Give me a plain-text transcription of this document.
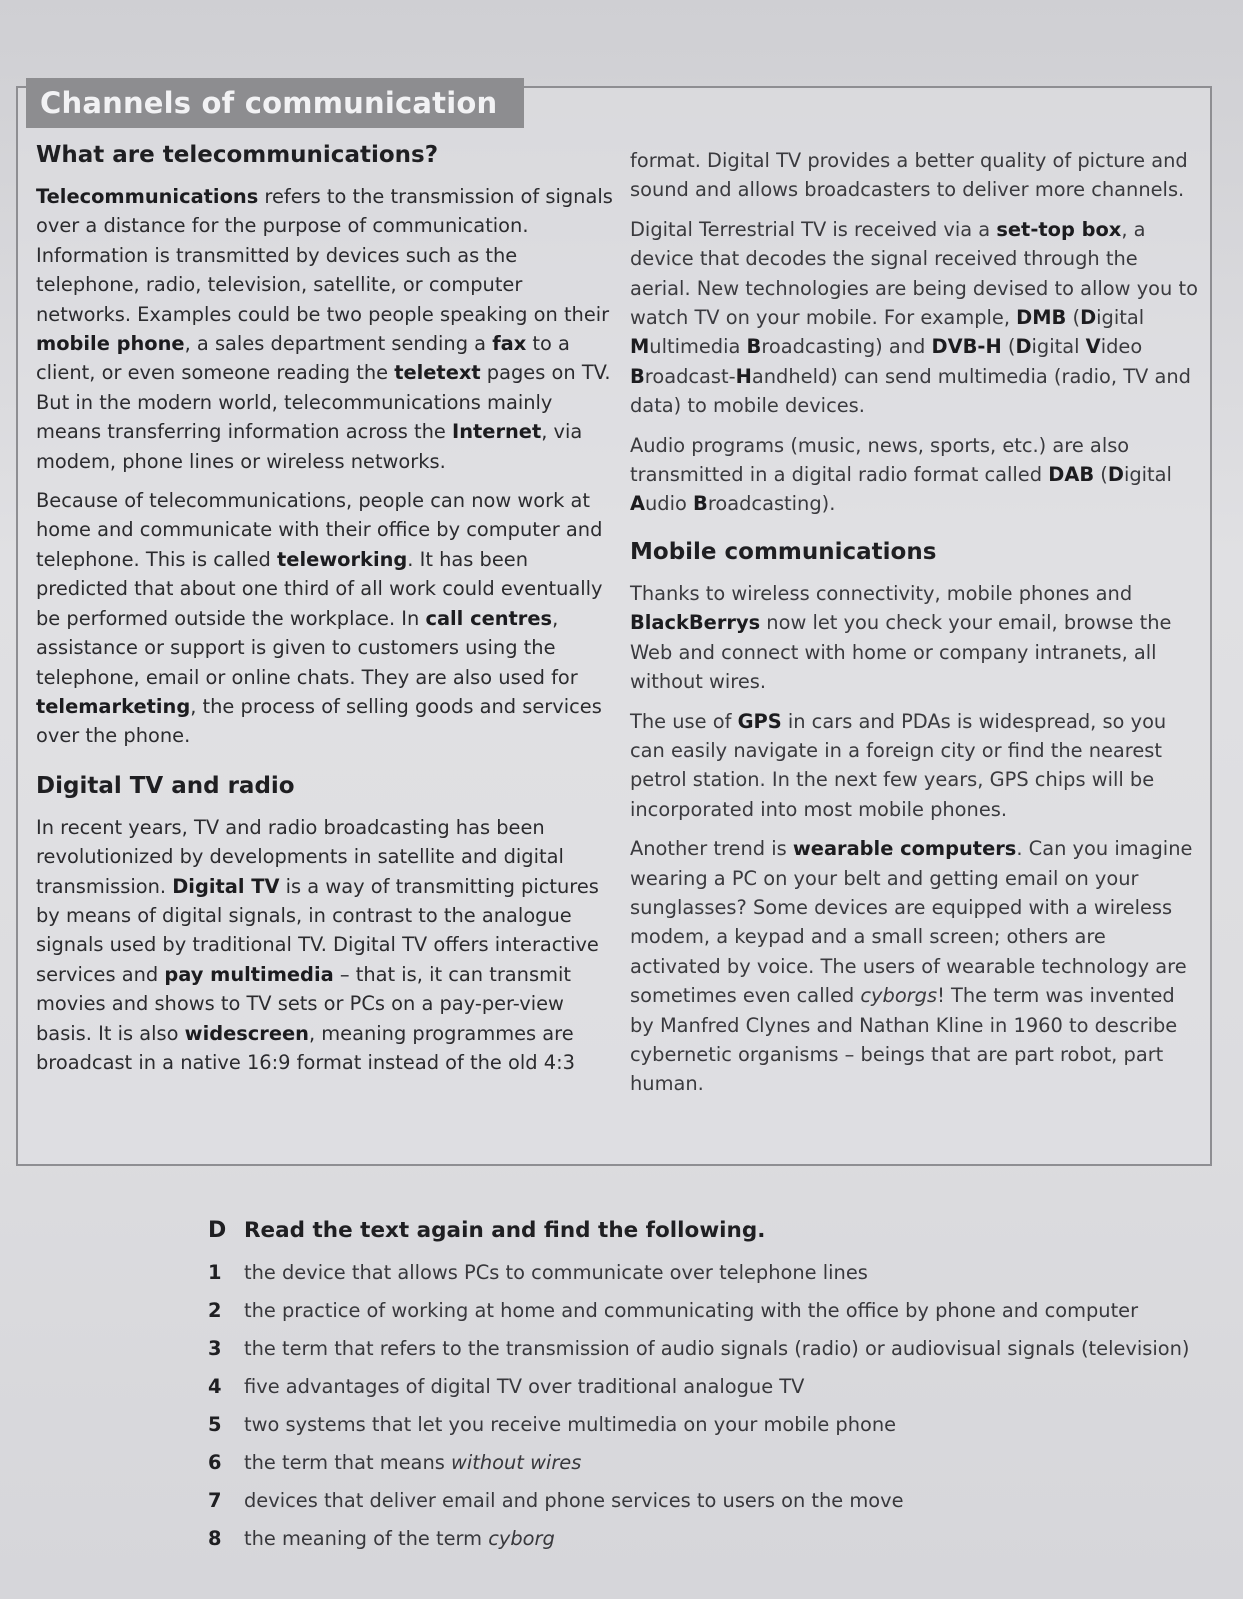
Channels of communication
What are telecommunications?

Telecommunications refers to the transmission of signals over a distance for the purpose of communication. Information is transmitted by devices such as the telephone, radio, television, satellite, or computer networks. Examples could be two people speaking on their mobile phone, a sales department sending a fax to a client, or even someone reading the teletext pages on TV. But in the modern world, telecommunications mainly means transferring information across the Internet, via modem, phone lines or wireless networks.

Because of telecommunications, people can now work at home and communicate with their office by computer and telephone. This is called teleworking. It has been predicted that about one third of all work could eventually be performed outside the workplace. In call centres, assistance or support is given to customers using the telephone, email or online chats. They are also used for telemarketing, the process of selling goods and services over the phone.

Digital TV and radio

In recent years, TV and radio broadcasting has been revolutionized by developments in satellite and digital transmission. Digital TV is a way of transmitting pictures by means of digital signals, in contrast to the analogue signals used by traditional TV. Digital TV offers interactive services and pay multimedia – that is, it can transmit movies and shows to TV sets or PCs on a pay-per-view basis. It is also widescreen, meaning programmes are broadcast in a native 16:9 format instead of the old 4:3

format. Digital TV provides a better quality of picture and sound and allows broadcasters to deliver more channels.

Digital Terrestrial TV is received via a set-top box, a device that decodes the signal received through the aerial. New technologies are being devised to allow you to watch TV on your mobile. For example, DMB (Digital Multimedia Broadcasting) and DVB-H (Digital Video Broadcast-Handheld) can send multimedia (radio, TV and data) to mobile devices.

Audio programs (music, news, sports, etc.) are also transmitted in a digital radio format called DAB (Digital Audio Broadcasting).

Mobile communications

Thanks to wireless connectivity, mobile phones and BlackBerrys now let you check your email, browse the Web and connect with home or company intranets, all without wires.

The use of GPS in cars and PDAs is widespread, so you can easily navigate in a foreign city or find the nearest petrol station. In the next few years, GPS chips will be incorporated into most mobile phones.

Another trend is wearable computers. Can you imagine wearing a PC on your belt and getting email on your sunglasses? Some devices are equipped with a wireless modem, a keypad and a small screen; others are activated by voice. The users of wearable technology are sometimes even called cyborgs! The term was invented by Manfred Clynes and Nathan Kline in 1960 to describe cybernetic organisms – beings that are part robot, part human.

D Read the text again and find the following.
1	the device that allows PCs to communicate over telephone lines
2	the practice of working at home and communicating with the office by phone and computer
3	the term that refers to the transmission of audio signals (radio) or audiovisual signals (television)
4	five advantages of digital TV over traditional analogue TV
5	two systems that let you receive multimedia on your mobile phone
6	the term that means without wires
7	devices that deliver email and phone services to users on the move
8	the meaning of the term cyborg
